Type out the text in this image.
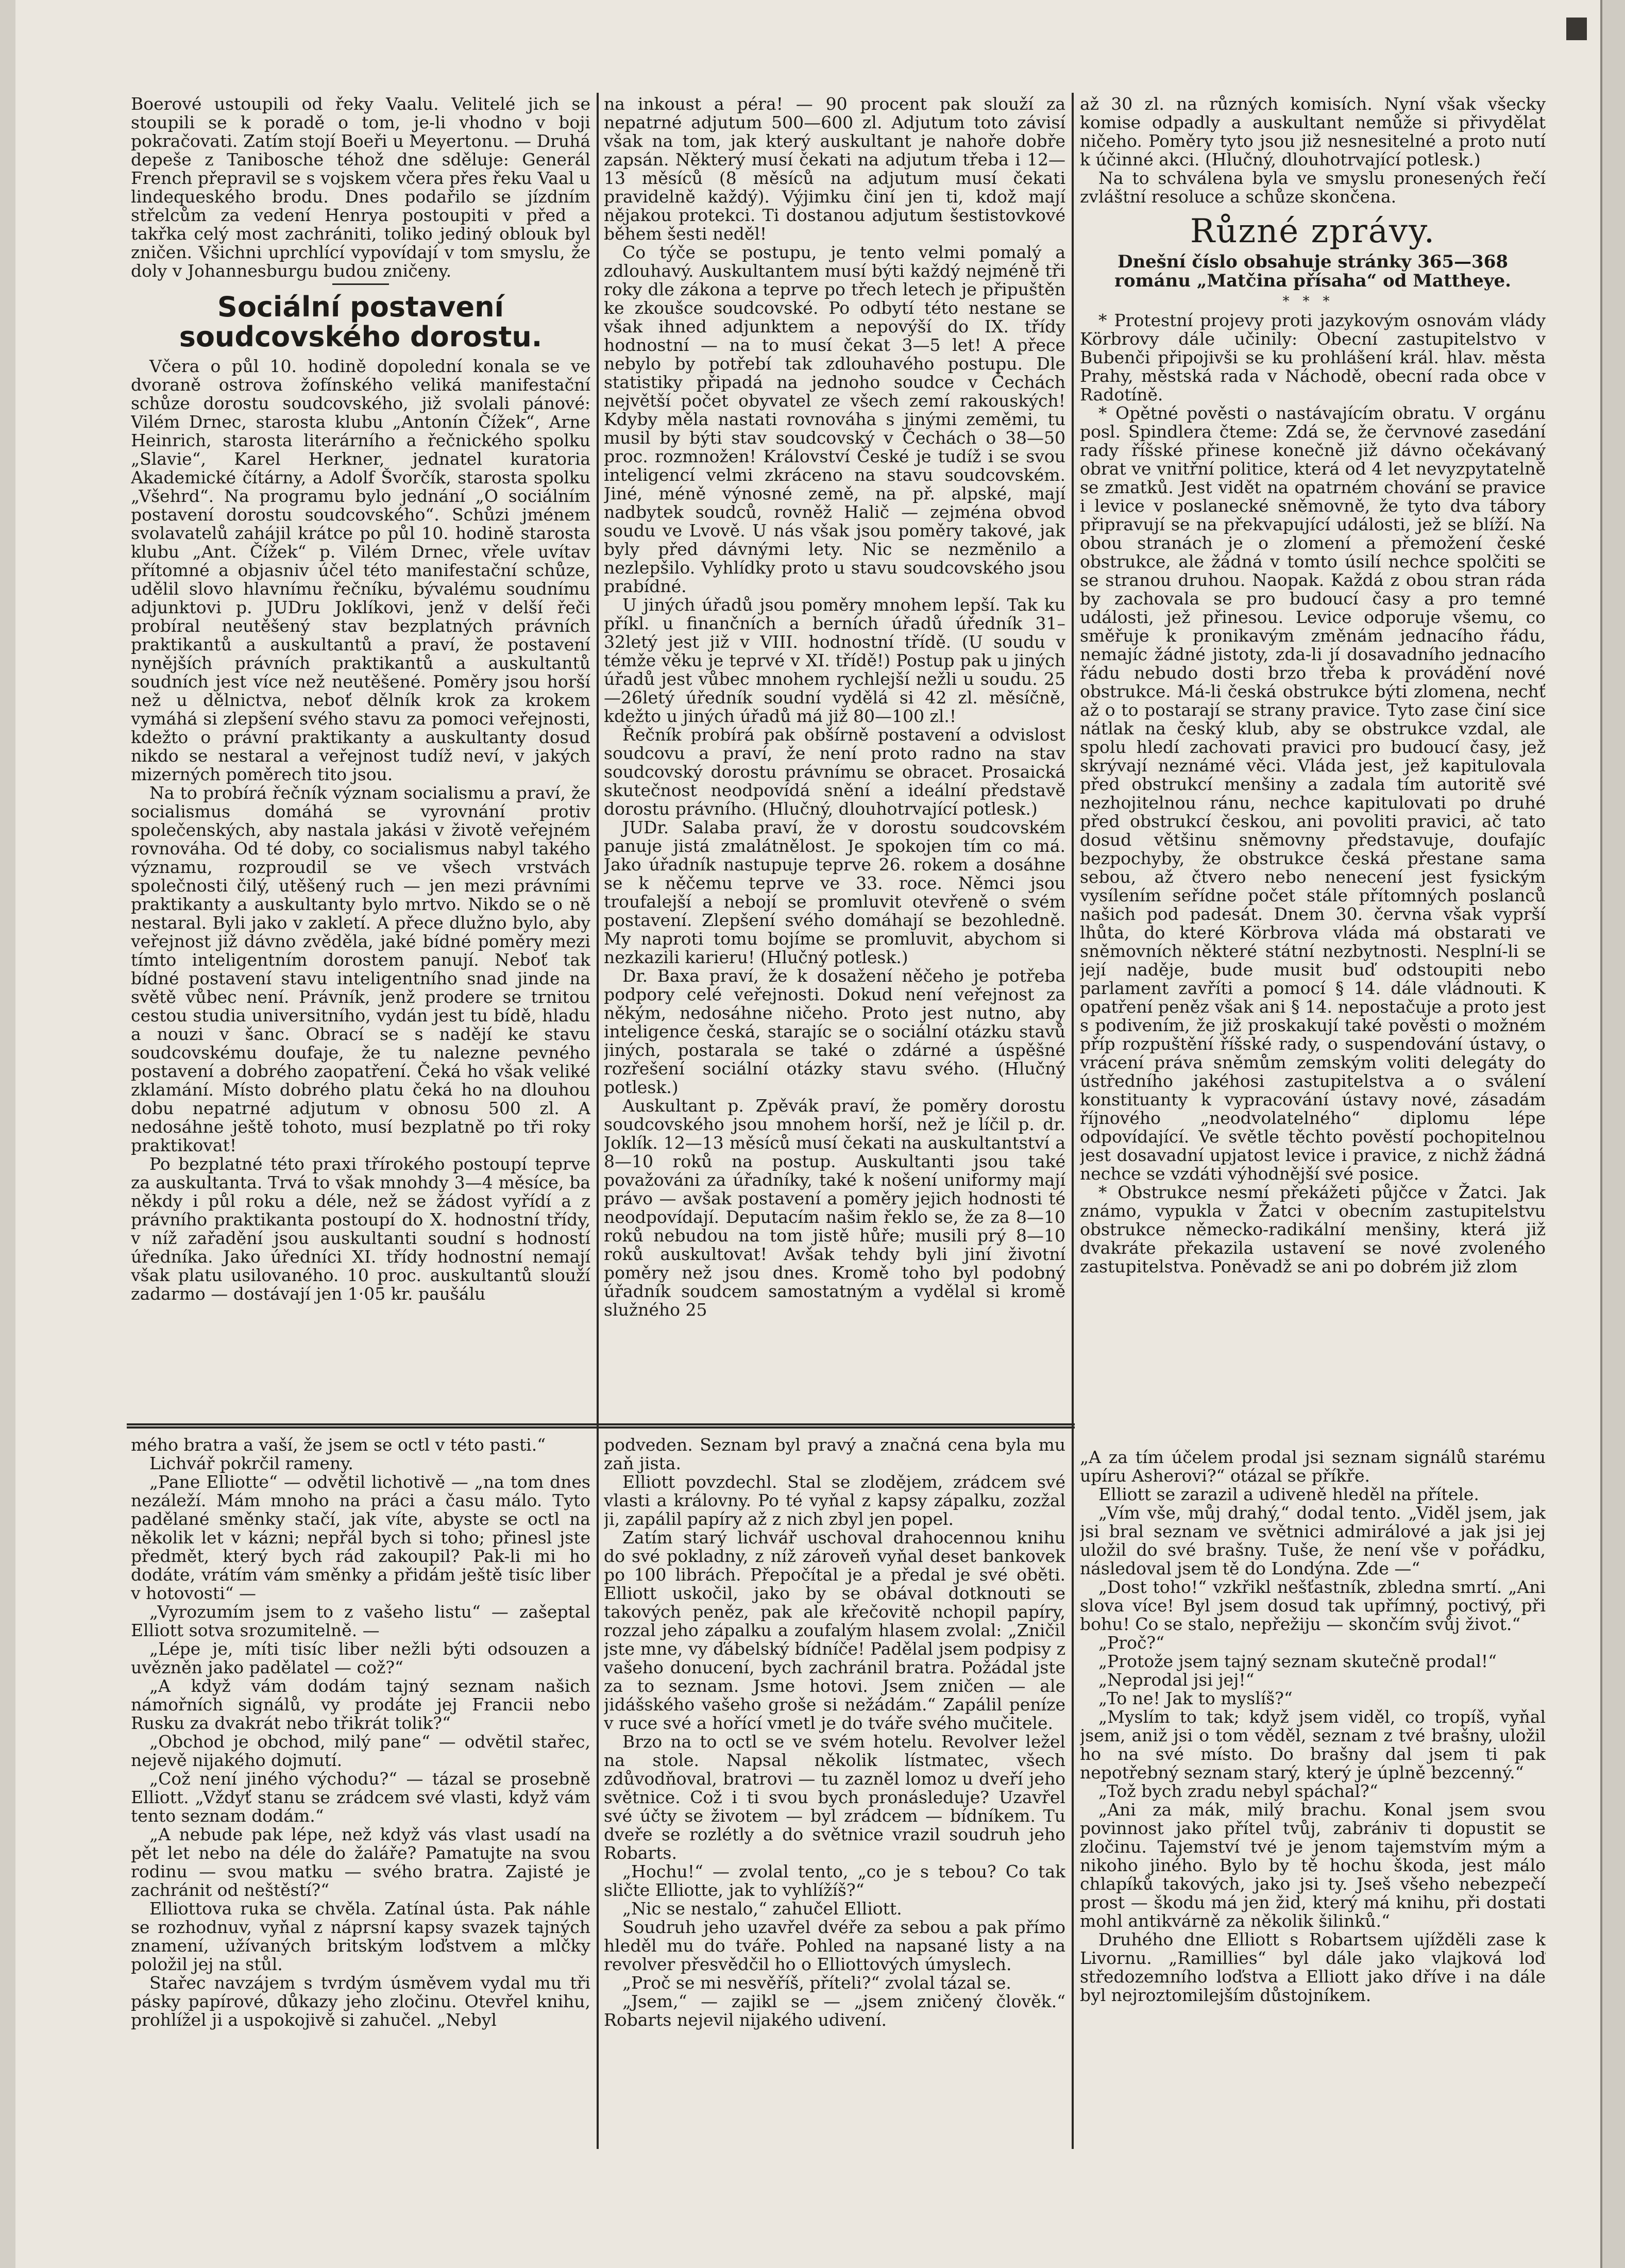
Boerové ustoupili od řeky Vaalu. Velitelé jich se stoupili se k poradě o tom, je-li vhodno v boji pokračovati. Zatím stojí Boeři u Meyertonu. — Druhá depeše z Tanibosche téhož dne sděluje: Generál French přepravil se s vojskem včera přes řeku Vaal u lindequeského brodu. Dnes podařilo se jízdním střelcům za vedení Henrya postoupiti v před a takřka celý most zachrániti, toliko jediný oblouk byl zničen. Všichni uprchlící vypovídají v tom smyslu, že doly v Johannesburgu budou zničeny.

Sociální postavení soudcovského dorostu.

Včera o půl 10. hodině dopolední konala se ve dvoraně ostrova žofínského veliká manifestační schůze dorostu soudcovského, již svolali pánové: Vilém Drnec, starosta klubu „Antonín Čížek“, Arne Heinrich, starosta literárního a řečnického spolku „Slavie“, Karel Herkner, jednatel kuratoria Akademické čítárny, a Adolf Švorčík, starosta spolku „Všehrd“. Na programu bylo jednání „O sociálním postavení dorostu soudcovského“. Schůzi jménem svolavatelů zahájil krátce po půl 10. hodině starosta klubu „Ant. Čížek“ p. Vilém Drnec, vřele uvítav přítomné a objasniv účel této manifestační schůze, udělil slovo hlavnímu řečníku, bývalému soudnímu adjunktovi p. JUDru Joklíkovi, jenž v delší řeči probíral neutěšený stav bezplatných právních praktikantů a auskultantů a praví, že postavení nynějších právních praktikantů a auskultantů soudních jest více než neutěšené. Poměry jsou horší než u dělnictva, neboť dělník krok za krokem vymáhá si zlepšení svého stavu za pomoci veřejnosti, kdežto o právní praktikanty a auskultanty dosud nikdo se nestaral a veřejnost tudíž neví, v jakých mizerných poměrech tito jsou.

Na to probírá řečník význam socialismu a praví, že socialismus domáhá se vyrovnání protiv společenských, aby nastala jakási v životě veřejném rovnováha. Od té doby, co socialismus nabyl takého významu, rozproudil se ve všech vrstvách společnosti čilý, utěšený ruch — jen mezi právními praktikanty a auskultanty bylo mrtvo. Nikdo se o ně nestaral. Byli jako v zakletí. A přece dlužno bylo, aby veřejnost již dávno zvěděla, jaké bídné poměry mezi tímto inteligentním dorostem panují. Neboť tak bídné postavení stavu inteligentního snad jinde na světě vůbec není. Právník, jenž prodere se trnitou cestou studia universitního, vydán jest tu bídě, hladu a nouzi v šanc. Obrací se s nadějí ke stavu soudcovskému doufaje, že tu nalezne pevného postavení a dobrého zaopatření. Čeká ho však veliké zklamání. Místo dobrého platu čeká ho na dlouhou dobu nepatrné adjutum v obnosu 500 zl. A nedosáhne ještě tohoto, musí bezplatně po tři roky praktikovat!

Po bezplatné této praxi třírokého postoupí teprve za auskultanta. Trvá to však mnohdy 3—4 měsíce, ba někdy i půl roku a déle, než se žádost vyřídí a z právního praktikanta postoupí do X. hodnostní třídy, v níž zařadění jsou auskultanti soudní s hodností úředníka. Jako úředníci XI. třídy hodnostní nemají však platu usilovaného. 10 proc. auskultantů slouží zadarmo — dostávají jen 1·05 kr. paušálu

na inkoust a péra! — 90 procent pak slouží za nepatrné adjutum 500—600 zl. Adjutum toto závisí však na tom, jak který auskultant je nahoře dobře zapsán. Některý musí čekati na adjutum třeba i 12—13 měsíců (8 měsíců na adjutum musí čekati pravidelně každý). Výjimku činí jen ti, kdož mají nějakou protekci. Ti dostanou adjutum šestistovkové během šesti neděl!

Co týče se postupu, je tento velmi pomalý a zdlouhavý. Auskultantem musí býti každý nejméně tři roky dle zákona a teprve po třech letech je připuštěn ke zkoušce soudcovské. Po odbytí této nestane se však ihned adjunktem a nepovýší do IX. třídy hodnostní — na to musí čekat 3—5 let! A přece nebylo by potřebí tak zdlouhavého postupu. Dle statistiky připadá na jednoho soudce v Čechách největší počet obyvatel ze všech zemí rakouských! Kdyby měla nastati rovnováha s jinými zeměmi, tu musil by býti stav soudcovský v Čechách o 38—50 proc. rozmnožen! Království České je tudíž i se svou inteligencí velmi zkráceno na stavu soudcovském. Jiné, méně výnosné země, na př. alpské, mají nadbytek soudců, rovněž Halič — zejména obvod soudu ve Lvově. U nás však jsou poměry takové, jak byly před dávnými lety. Nic se nezměnilo a nezlepšilo. Vyhlídky proto u stavu soudcovského jsou prabídné.

U jiných úřadů jsou poměry mnohem lepší. Tak ku příkl. u finančních a berních úřadů úředník 31–32letý jest již v VIII. hodnostní třídě. (U soudu v témže věku je teprvé v XI. třídě!) Postup pak u jiných úřadů jest vůbec mnohem rychlejší nežli u soudu. 25—26letý úředník soudní vydělá si 42 zl. měsíčně, kdežto u jiných úřadů má již 80—100 zl.!

Řečník probírá pak obšírně postavení a odvislost soudcovu a praví, že není proto radno na stav soudcovský dorostu právnímu se obracet. Prosaická skutečnost neodpovídá snění a ideální představě dorostu právního. (Hlučný, dlouhotrvající potlesk.)

JUDr. Salaba praví, že v dorostu soudcovském panuje jistá zmalátnělost. Je spokojen tím co má. Jako úřadník nastupuje teprve 26. rokem a dosáhne se k něčemu teprve ve 33. roce. Němci jsou troufalejší a nebojí se promluvit otevřeně o svém postavení. Zlepšení svého domáhají se bezohledně. My naproti tomu bojíme se promluvit, abychom si nezkazili karieru! (Hlučný potlesk.)

Dr. Baxa praví, že k dosažení něčeho je potřeba podpory celé veřejnosti. Dokud není veřejnost za někým, nedosáhne ničeho. Proto jest nutno, aby inteligence česká, starajíc se o sociální otázku stavů jiných, postarala se také o zdárné a úspěšné rozřešení sociální otázky stavu svého. (Hlučný potlesk.)

Auskultant p. Zpěvák praví, že poměry dorostu soudcovského jsou mnohem horší, než je líčil p. dr. Joklík. 12—13 měsíců musí čekati na auskultantství a 8—10 roků na postup. Auskultanti jsou také považováni za úřadníky, také k nošení uniformy mají právo — avšak postavení a poměry jejich hodnosti té neodpovídají. Deputacím našim řeklo se, že za 8—10 roků nebudou na tom jistě hůře; musili prý 8—10 roků auskultovat! Avšak tehdy byli jiní životní poměry než jsou dnes. Kromě toho byl podobný úřadník soudcem samostatným a vydělal si kromě služného 25

až 30 zl. na různých komisích. Nyní však všecky komise odpadly a auskultant nemůže si přivydělat ničeho. Poměry tyto jsou již nesnesitelné a proto nutí k účinné akci. (Hlučný, dlouhotrvající potlesk.)

Na to schválena byla ve smyslu pronesených řečí zvláštní resoluce a schůze skončena.

Různé zprávy.
Dnešní číslo obsahuje stránky 365—368 románu „Matčina přísaha“ od Mattheye.
***

* Protestní projevy proti jazykovým osnovám vlády Körbrovy dále učinily: Obecní zastupitelstvo v Bubenči připojivši se ku prohlášení král. hlav. města Prahy, městská rada v Náchodě, obecní rada obce v Radotíně.

* Opětné pověsti o nastávajícím obratu. V orgánu posl. Spindlera čteme: Zdá se, že červnové zasedání rady říšské přinese konečně již dávno očekávaný obrat ve vnitřní politice, která od 4 let nevyzpytatelně se zmatků. Jest vidět na opatrném chování se pravice i levice v poslanecké sněmovně, že tyto dva tábory připravují se na překvapující události, jež se blíží. Na obou stranách je o zlomení a přemožení české obstrukce, ale žádná v tomto úsilí nechce spolčiti se se stranou druhou. Naopak. Každá z obou stran ráda by zachovala se pro budoucí časy a pro temné události, jež přinesou. Levice odporuje všemu, co směřuje k pronikavým změnám jednacího řádu, nemajíc žádné jistoty, zda-li jí dosavadního jednacího řádu nebudo dosti brzo třeba k provádění nové obstrukce. Má-li česká obstrukce býti zlomena, nechť až o to postarají se strany pravice. Tyto zase činí sice nátlak na český klub, aby se obstrukce vzdal, ale spolu hledí zachovati pravici pro budoucí časy, jež skrývají neznámé věci. Vláda jest, jež kapitulovala před obstrukcí menšiny a zadala tím autoritě své nezhojitelnou ránu, nechce kapitulovati po druhé před obstrukcí českou, ani povoliti pravici, ač tato dosud většinu sněmovny představuje, doufajíc bezpochyby, že obstrukce česká přestane sama sebou, až čtvero nebo nenecení jest fysickým vysílením seřídne počet stále přítomných poslanců našich pod padesát. Dnem 30. června však vyprší lhůta, do které Körbrova vláda má obstarati ve sněmovních některé státní nezbytnosti. Nesplní-li se její naděje, bude musit buď odstoupiti nebo parlament zavříti a pomocí § 14. dále vládnouti. K opatření peněz však ani § 14. nepostačuje a proto jest s podivením, že již proskakují také pověsti o možném příp rozpuštění říšské rady, o suspendování ústavy, o vrácení práva sněmům zemským voliti delegáty do ústředního jakéhosi zastupitelstva a o sválení konstituanty k vypracování ústavy nové, zásadám říjnového „neodvolatelného“ diplomu lépe odpovídající. Ve světle těchto pověstí pochopitelnou jest dosavadní upjatost levice i pravice, z nichž žádná nechce se vzdáti výhodnější své posice.

* Obstrukce nesmí překážeti půjčce v Žatci. Jak známo, vypukla v Žatci v obecním zastupitelstvu obstrukce německo-radikální menšiny, která již dvakráte překazila ustavení se nové zvoleného zastupitelstva. Poněvadž se ani po dobrém již zlom

mého bratra a vaší, že jsem se octl v této pasti.“

Lichvář pokrčil rameny.

„Pane Elliotte“ — odvětil lichotivě — „na tom dnes nezáleží. Mám mnoho na práci a času málo. Tyto padělané směnky stačí, jak víte, abyste se octl na několik let v kázni; nepřál bych si toho; přinesl jste předmět, který bych rád zakoupil? Pak-li mi ho dodáte, vrátím vám směnky a přidám ještě tisíc liber v hotovosti“ —

„Vyrozumím jsem to z vašeho listu“ — zašeptal Elliott sotva srozumitelně. —

„Lépe je, míti tisíc liber nežli býti odsouzen a uvězněn jako padělatel — což?“

„A když vám dodám tajný seznam našich námořních signálů, vy prodáte jej Francii nebo Rusku za dvakrát nebo třikrát tolik?“

„Obchod je obchod, milý pane“ — odvětil stařec, nejevě nijakého dojmutí.

„Což není jiného východu?“ — tázal se prosebně Elliott. „Vždyť stanu se zrádcem své vlasti, když vám tento seznam dodám.“

„A nebude pak lépe, než když vás vlast usadí na pět let nebo na déle do žaláře? Pamatujte na svou rodinu — svou matku — svého bratra. Zajisté je zachránit od neštěstí?“

Elliottova ruka se chvěla. Zatínal ústa. Pak náhle se rozhodnuv, vyňal z náprsní kapsy svazek tajných znamení, užívaných britským loďstvem a mlčky položil jej na stůl.

Stařec navzájem s tvrdým úsměvem vydal mu tři pásky papírové, důkazy jeho zločinu. Otevřel knihu, prohlížel ji a uspokojivě si zahučel. „Nebyl

podveden. Seznam byl pravý a značná cena byla mu zaň jista.

Elliott povzdechl. Stal se zlodějem, zrádcem své vlasti a královny. Po té vyňal z kapsy zápalku, zozžal ji, zapálil papíry až z nich zbyl jen popel.

Zatím starý lichvář uschoval drahocennou knihu do své pokladny, z níž zároveň vyňal deset bankovek po 100 librách. Přepočítal je a předal je své oběti. Elliott uskočil, jako by se obával dotknouti se takových peněz, pak ale křečovitě nchopil papíry, rozzal jeho zápalku a zoufalým hlasem zvolal: „Zničil jste mne, vy ďábelský bídníče! Padělal jsem podpisy z vašeho donucení, bych zachránil bratra. Požádal jste za to seznam. Jsme hotovi. Jsem zničen — ale jidášského vašeho groše si nežádám.“ Zapálil peníze v ruce své a hořící vmetl je do tváře svého mučitele.

Brzo na to octl se ve svém hotelu. Revolver ležel na stole. Napsal několik lístmatec, všech zdůvodňoval, bratrovi — tu zazněl lomoz u dveří jeho světnice. Což i ti svou bych pronásleduje? Uzavřel své účty se životem — byl zrádcem — bídníkem. Tu dveře se rozlétly a do světnice vrazil soudruh jeho Robarts.

„Hochu!“ — zvolal tento, „co je s tebou? Co tak sličte Elliotte, jak to vyhlížíš?“

„Nic se nestalo,“ zahučel Elliott.

Soudruh jeho uzavřel dvéře za sebou a pak přímo hleděl mu do tváře. Pohled na napsané listy a na revolver přesvědčil ho o Elliottových úmyslech.

„Proč se mi nesvěříš, příteli?“ zvolal tázal se.

„Jsem,“ — zajikl se — „jsem zničený člověk.“ Robarts nejevil nijakého udivení.

„A za tím účelem prodal jsi seznam signálů starému upíru Asherovi?“ otázal se příkře.

Elliott se zarazil a udiveně hleděl na přítele.

„Vím vše, můj drahý,“ dodal tento. „Viděl jsem, jak jsi bral seznam ve světnici admirálové a jak jsi jej uložil do své brašny. Tuše, že není vše v pořádku, následoval jsem tě do Londýna. Zde —“

„Dost toho!“ vzkřikl nešťastník, zbledna smrtí. „Ani slova více! Byl jsem dosud tak upřímný, poctivý, při bohu! Co se stalo, nepřežiju — skončím svůj život.“

„Proč?“

„Protože jsem tajný seznam skutečně prodal!“

„Neprodal jsi jej!“

„To ne! Jak to myslíš?“

„Myslím to tak; když jsem viděl, co tropíš, vyňal jsem, aniž jsi o tom věděl, seznam z tvé brašny, uložil ho na své místo. Do brašny dal jsem ti pak nepotřebný seznam starý, který je úplně bezcenný.“

„Tož bych zradu nebyl spáchal?“

„Ani za mák, milý brachu. Konal jsem svou povinnost jako přítel tvůj, zabrániv ti dopustit se zločinu. Tajemství tvé je jenom tajemstvím mým a nikoho jiného. Bylo by tě hochu škoda, jest málo chlapíků takových, jako jsi ty. Jseš všeho nebezpečí prost — škodu má jen žid, který má knihu, při dostati mohl antikvárně za několik šilinků.“

Druhého dne Elliott s Robartsem ujížděli zase k Livornu. „Ramillies“ byl dále jako vlajková loď středozemního loďstva a Elliott jako dříve i na dále byl nejroztomilejším důstojníkem.
